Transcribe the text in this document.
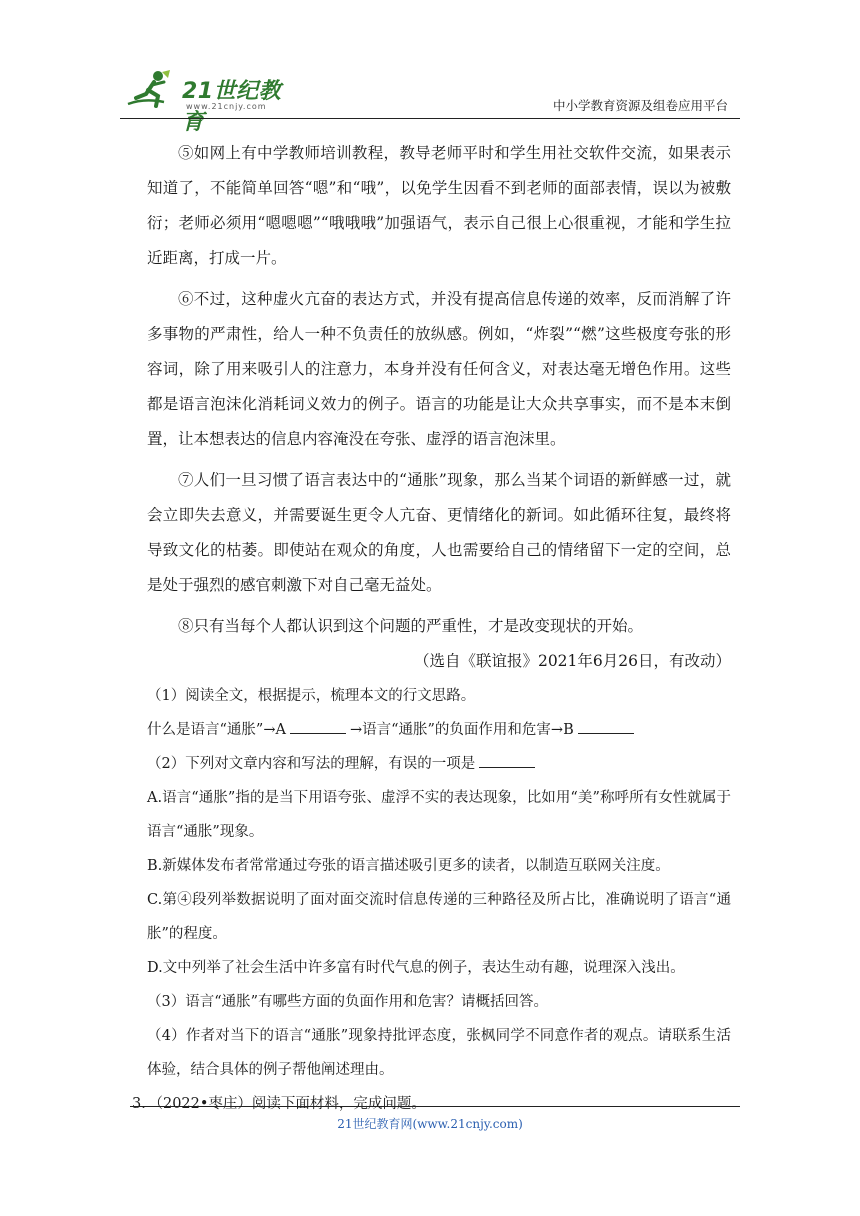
21世纪教育
www.21cnjy.com	中小学教育资源及组卷应用平台

⑤如网上有中学教师培训教程，教导老师平时和学生用社交软件交流，如果表示知道了，不能简单回答“嗯”和“哦”，以免学生因看不到老师的面部表情，误以为被敷衍；老师必须用“嗯嗯嗯”“哦哦哦”加强语气，表示自己很上心很重视，才能和学生拉近距离，打成一片。

⑥不过，这种虚火亢奋的表达方式，并没有提高信息传递的效率，反而消解了许多事物的严肃性，给人一种不负责任的放纵感。例如，“炸裂”“燃”这些极度夸张的形容词，除了用来吸引人的注意力，本身并没有任何含义，对表达毫无增色作用。这些都是语言泡沫化消耗词义效力的例子。语言的功能是让大众共享事实，而不是本末倒置，让本想表达的信息内容淹没在夸张、虚浮的语言泡沫里。

⑦人们一旦习惯了语言表达中的“通胀”现象，那么当某个词语的新鲜感一过，就会立即失去意义，并需要诞生更令人亢奋、更情绪化的新词。如此循环往复，最终将导致文化的枯萎。即使站在观众的角度，人也需要给自己的情绪留下一定的空间，总是处于强烈的感官刺激下对自己毫无益处。

⑧只有当每个人都认识到这个问题的严重性，才是改变现状的开始。

（选自《联谊报》2021年6月26日，有改动）

（1）阅读全文，根据提示，梳理本文的行文思路。

什么是语言“通胀”→A	→语言“通胀”的负面作用和危害→B

（2）下列对文章内容和写法的理解，有误的一项是

A.语言“通胀”指的是当下用语夸张、虚浮不实的表达现象，比如用“美”称呼所有女性就属于语言“通胀”现象。

B.新媒体发布者常常通过夸张的语言描述吸引更多的读者，以制造互联网关注度。

C.第④段列举数据说明了面对面交流时信息传递的三种路径及所占比，准确说明了语言“通胀”的程度。

D.文中列举了社会生活中许多富有时代气息的例子，表达生动有趣，说理深入浅出。

（3）语言“通胀”有哪些方面的负面作用和危害？请概括回答。

（4）作者对当下的语言“通胀”现象持批评态度，张枫同学不同意作者的观点。请联系生活体验，结合具体的例子帮他阐述理由。

3．（2022•枣庄）阅读下面材料，完成问题。

21世纪教育网(www.21cnjy.com)
